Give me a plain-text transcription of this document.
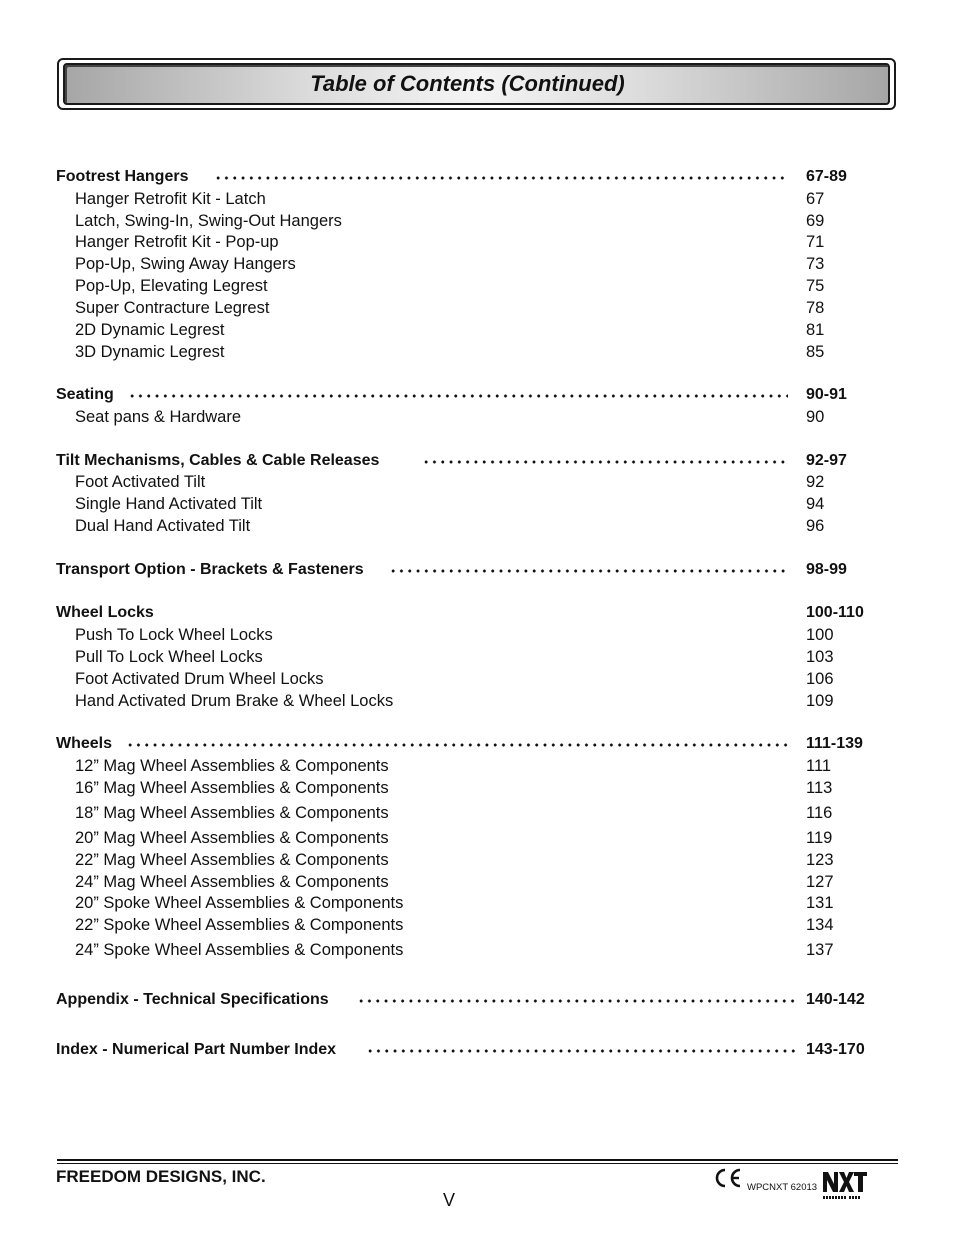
Table of Contents (Continued)
Footrest Hangers	67-89
Hanger Retrofit Kit - Latch	67
Latch, Swing-In, Swing-Out Hangers	69
Hanger Retrofit Kit - Pop-up	71
Pop-Up, Swing Away Hangers	73
Pop-Up, Elevating Legrest	75
Super Contracture Legrest	78
2D Dynamic Legrest	81
3D Dynamic Legrest	85
Seating	90-91
Seat pans & Hardware	90
Tilt Mechanisms, Cables & Cable Releases	92-97
Foot Activated Tilt	92
Single Hand Activated Tilt	94
Dual Hand Activated Tilt	96
Transport Option - Brackets & Fasteners	98-99
Wheel Locks	100-110
Push To Lock Wheel Locks	100
Pull To Lock Wheel Locks	103
Foot Activated Drum Wheel Locks	106
Hand Activated Drum Brake & Wheel Locks	109
Wheels	111-139
12” Mag Wheel Assemblies & Components	111
16” Mag Wheel Assemblies & Components	113
18” Mag Wheel Assemblies & Components	116
20” Mag Wheel Assemblies & Components	119
22” Mag Wheel Assemblies & Components	123
24” Mag Wheel Assemblies & Components	127
20” Spoke Wheel Assemblies & Components	131
22” Spoke Wheel Assemblies & Components	134
24” Spoke Wheel Assemblies & Components	137
Appendix - Technical Specifications	140-142
Index - Numerical Part Number Index	143-170
FREEDOM DESIGNS, INC.
V
WPCNXT 62013
